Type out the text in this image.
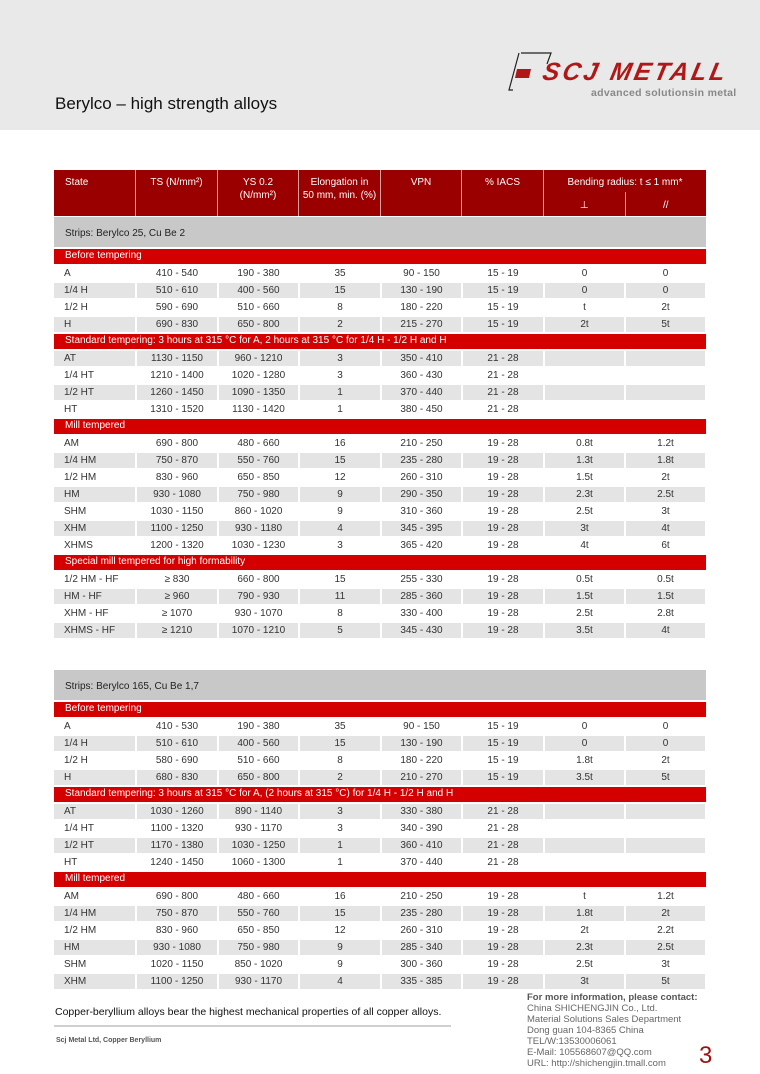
Berylco – high strength alloys
SCJ METALL
advanced solutionsin metal
State	TS (N/mm²)	YS 0.2
(N/mm²)
Elongation in
50 mm, min. (%)
VPN	% IACS	Bending radius: t ≤ 1 mm*
⊥	//
Strips: Berylco 25, Cu Be 2
Before tempering
A	410 - 540	190 - 380	35	90 - 150	15 - 19	0	0
1/4 H	510 - 610	400 - 560	15	130 - 190	15 - 19	0	0
1/2 H	590 - 690	510 - 660	8	180 - 220	15 - 19	t	2t
H	690 - 830	650 - 800	2	215 - 270	15 - 19	2t	5t
Standard tempering: 3 hours at 315 °C for A, 2 hours at 315 °C for 1/4 H - 1/2 H and H
AT	1130 - 1150	960 - 1210	3	350 - 410	21 - 28
1/4 HT	1210 - 1400	1020 - 1280	3	360 - 430	21 - 28
1/2 HT	1260 - 1450	1090 - 1350	1	370 - 440	21 - 28
HT	1310 - 1520	1130 - 1420	1	380 - 450	21 - 28
Mill tempered
AM	690 - 800	480 - 660	16	210 - 250	19 - 28	0.8t	1.2t
1/4 HM	750 - 870	550 - 760	15	235 - 280	19 - 28	1.3t	1.8t
1/2 HM	830 - 960	650 - 850	12	260 - 310	19 - 28	1.5t	2t
HM	930 - 1080	750 - 980	9	290 - 350	19 - 28	2.3t	2.5t
SHM	1030 - 1150	860 - 1020	9	310 - 360	19 - 28	2.5t	3t
XHM	1100 - 1250	930 - 1180	4	345 - 395	19 - 28	3t	4t
XHMS	1200 - 1320	1030 - 1230	3	365 - 420	19 - 28	4t	6t
Special mill tempered for high formability
1/2 HM - HF	≥ 830	660 - 800	15	255 - 330	19 - 28	0.5t	0.5t
HM - HF	≥ 960	790 - 930	11	285 - 360	19 - 28	1.5t	1.5t
XHM - HF	≥ 1070	930 - 1070	8	330 - 400	19 - 28	2.5t	2.8t
XHMS - HF	≥ 1210	1070 - 1210	5	345 - 430	19 - 28	3.5t	4t
Strips: Berylco 165, Cu Be 1,7
Before tempering
A	410 - 530	190 - 380	35	90 - 150	15 - 19	0	0
1/4 H	510 - 610	400 - 560	15	130 - 190	15 - 19	0	0
1/2 H	580 - 690	510 - 660	8	180 - 220	15 - 19	1.8t	2t
H	680 - 830	650 - 800	2	210 - 270	15 - 19	3.5t	5t
Standard tempering: 3 hours at 315 °C for A, (2 hours at 315 °C) for 1/4 H - 1/2 H and H
AT	1030 - 1260	890 - 1140	3	330 - 380	21 - 28
1/4 HT	1100 - 1320	930 - 1170	3	340 - 390	21 - 28
1/2 HT	1170 - 1380	1030 - 1250	1	360 - 410	21 - 28
HT	1240 - 1450	1060 - 1300	1	370 - 440	21 - 28
Mill tempered
AM	690 - 800	480 - 660	16	210 - 250	19 - 28	t	1.2t
1/4 HM	750 - 870	550 - 760	15	235 - 280	19 - 28	1.8t	2t
1/2 HM	830 - 960	650 - 850	12	260 - 310	19 - 28	2t	2.2t
HM	930 - 1080	750 - 980	9	285 - 340	19 - 28	2.3t	2.5t
SHM	1020 - 1150	850 - 1020	9	300 - 360	19 - 28	2.5t	3t
XHM	1100 - 1250	930 - 1170	4	335 - 385	19 - 28	3t	5t
Copper-beryllium alloys bear the highest mechanical properties of all copper alloys.
Scj Metal Ltd, Copper Beryllium
For more information, please contact:
China SHICHENGJIN Co., Ltd.
Material Solutions Sales Department
Dong guan 104-8365 China
TEL/W:13530006061
E-Mail: 105568607@QQ.com
URL: http://shichengjin.tmall.com	3
